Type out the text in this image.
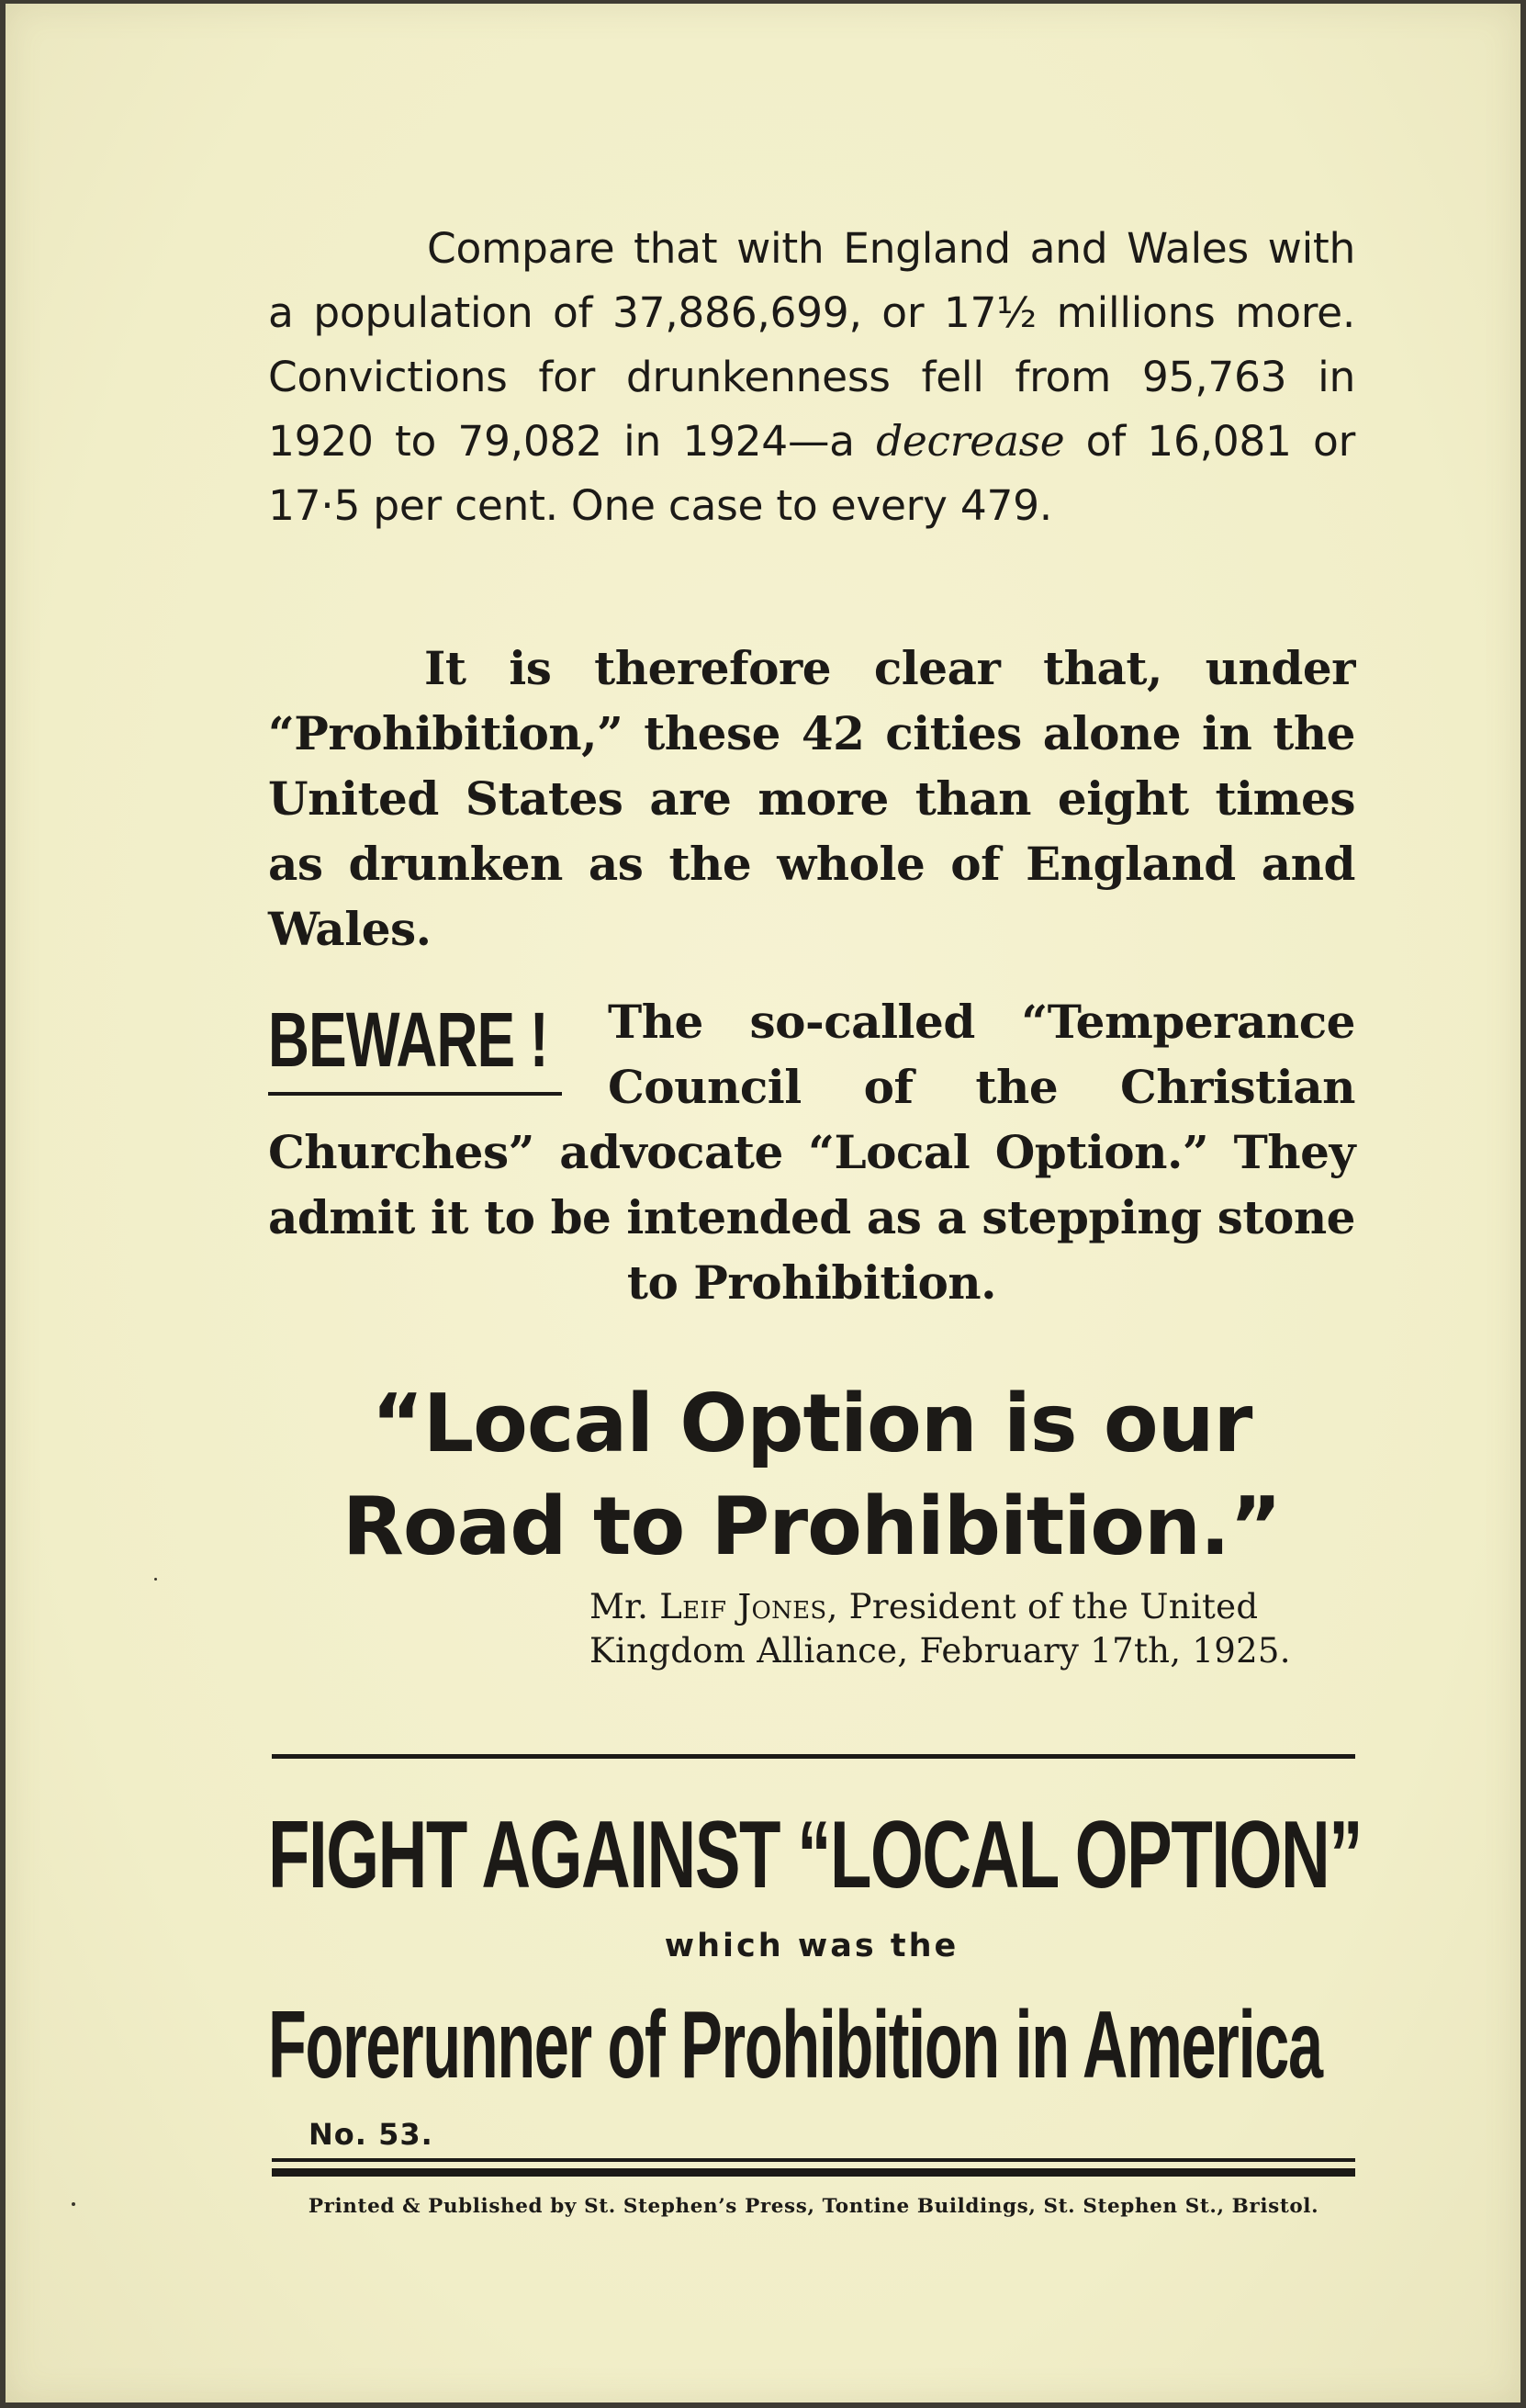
Compare that with England and Wales with a population of 37,886,699, or 17½ millions more. Convictions for drunkenness fell from 95,763 in 1920 to 79,082 in 1924—a decrease of 16,081 or 17·5 per cent. One case to every 479.
It is therefore clear that, under “Prohibition,” these 42 cities alone in the United States are more than eight times as drunken as the whole of England and Wales.
The so-called “Temperance Council of the Christian Churches” advocate “Local Option.” They admit it to be intended as a stepping stone to Prohibition.
BEWARE !
“Local Option is our
Road to Prohibition.”
Mr. Leif Jones, President of the United
Kingdom Alliance, February 17th, 1925.
FIGHT AGAINST “LOCAL OPTION”
which was the
Forerunner of Prohibition in America
No. 53.
Printed & Published by St. Stephen’s Press, Tontine Buildings, St. Stephen St., Bristol.
